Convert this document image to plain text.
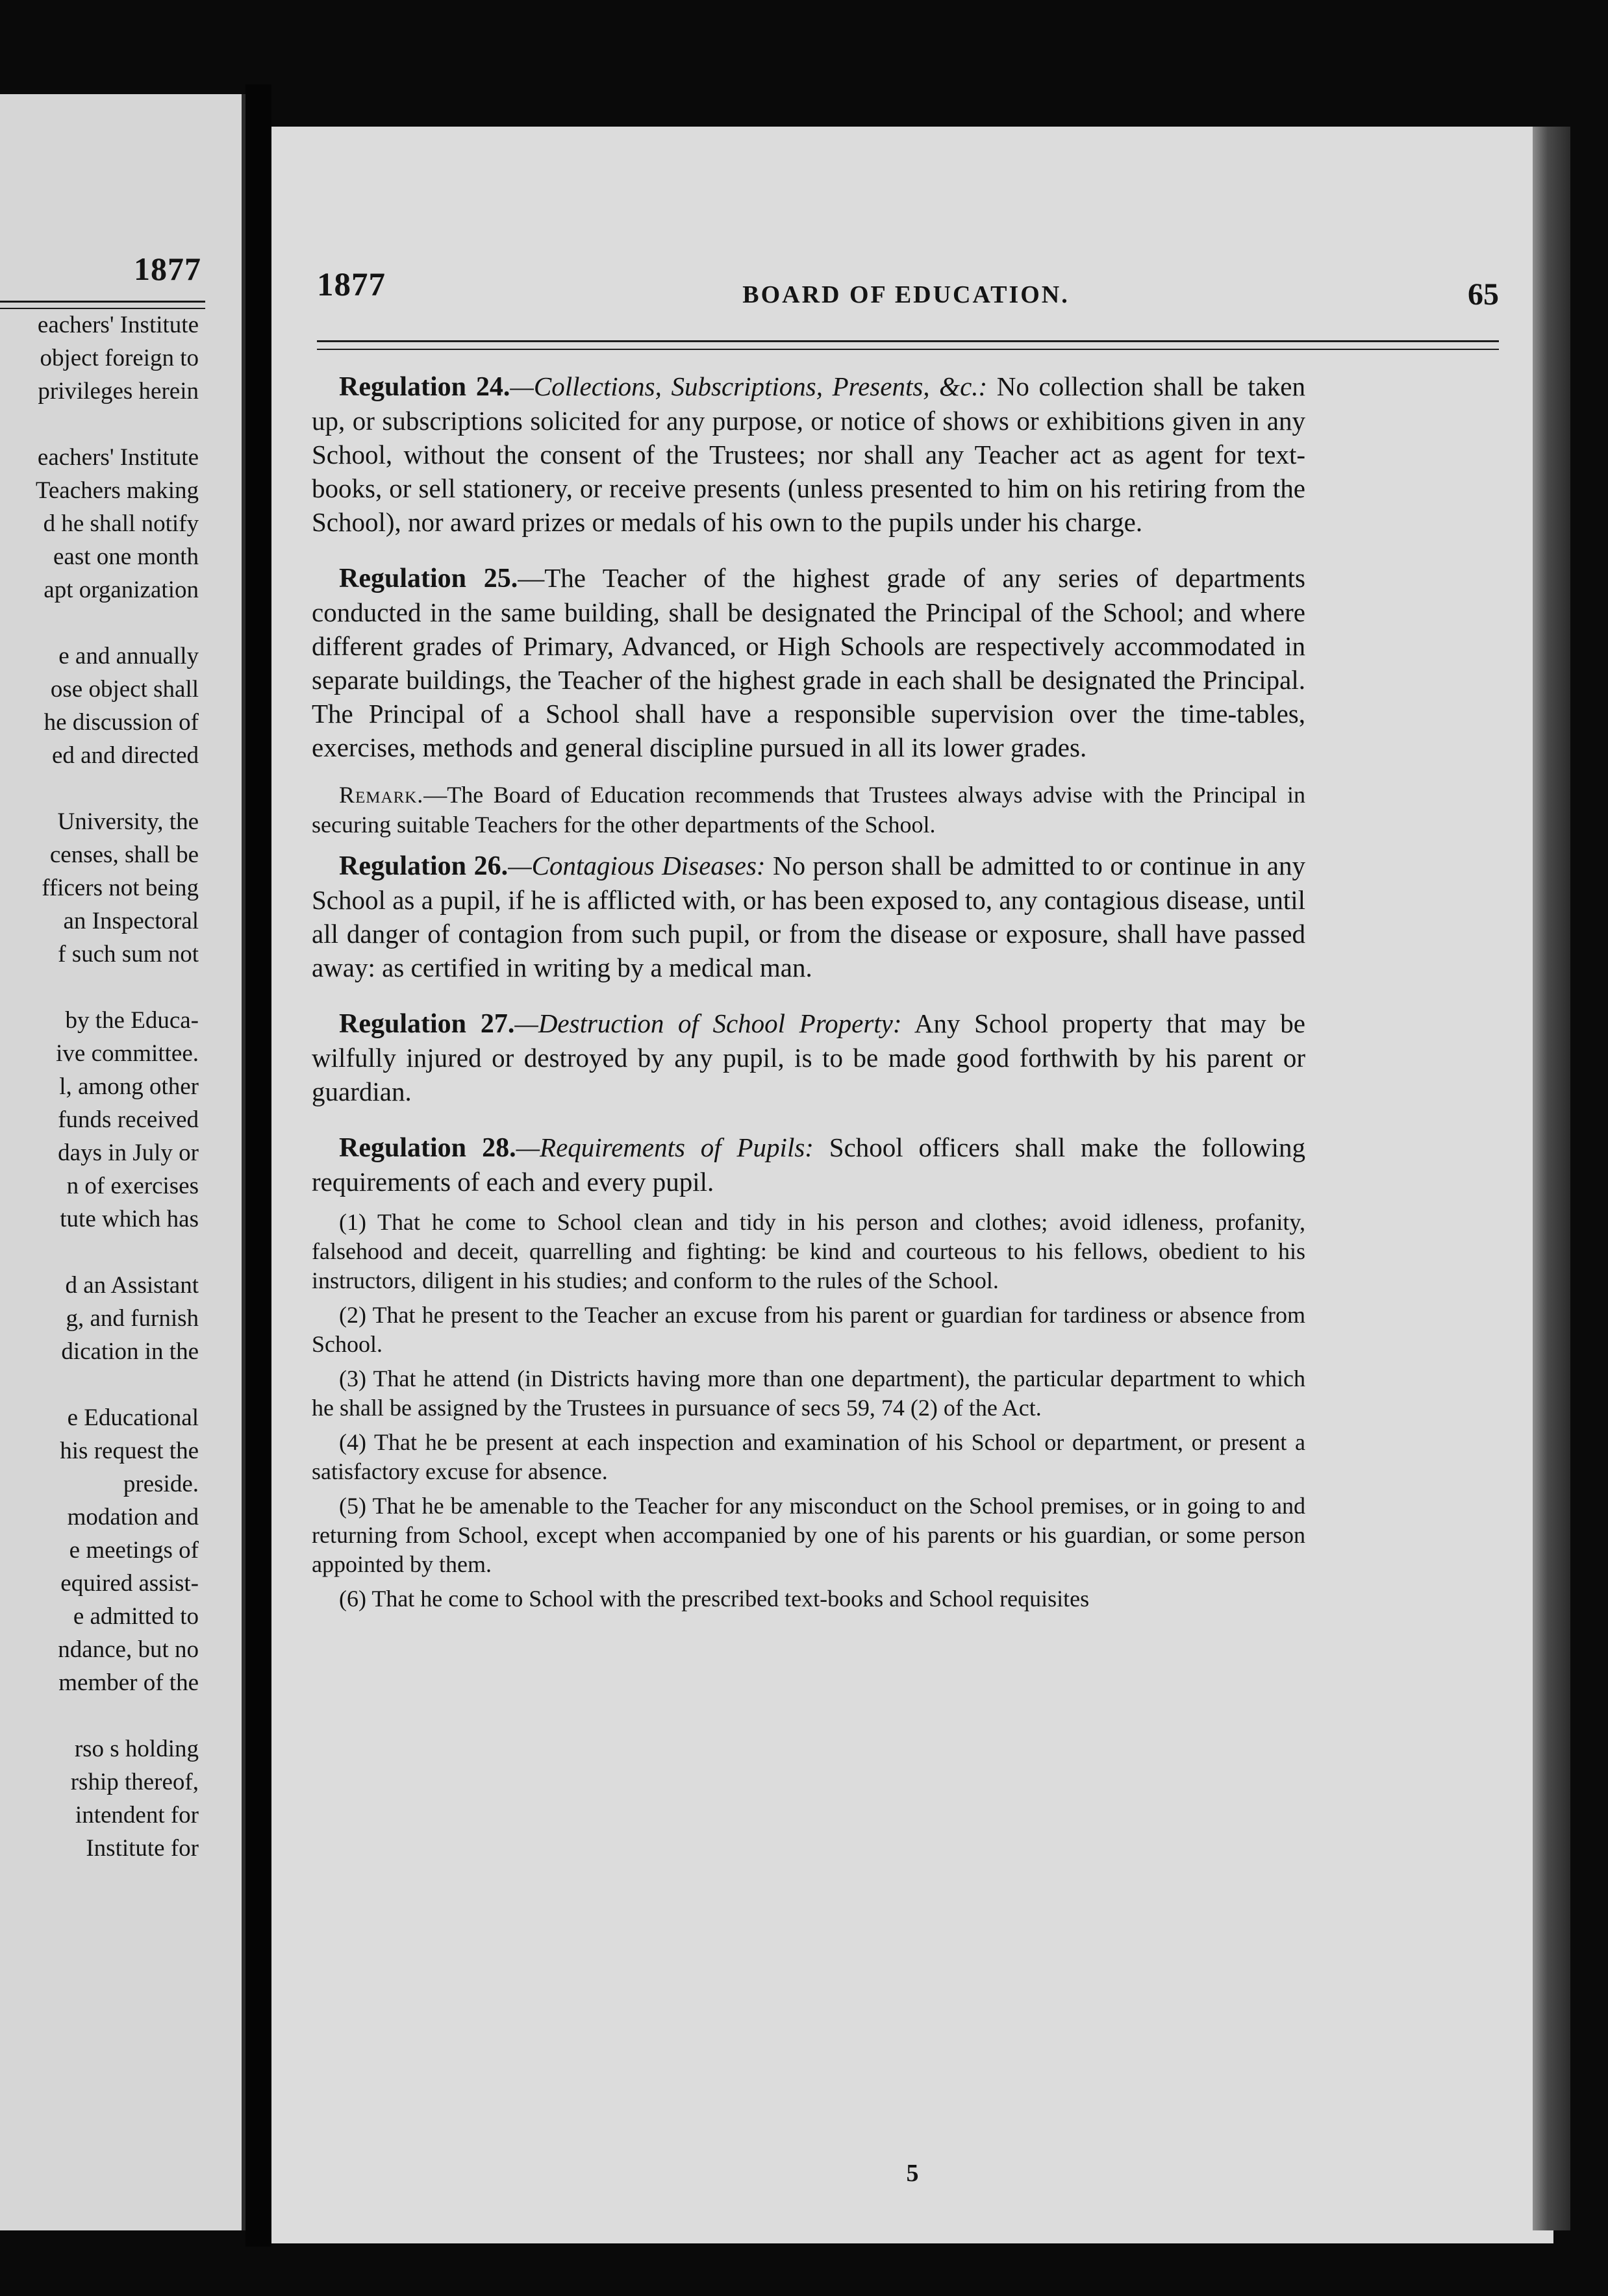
1877

eachers' Institute
object foreign to
privileges herein
eachers' Institute
Teachers making
d he shall notify
east one month
apt organization
e and annually
ose object shall
he discussion of
ed and directed
University, the
censes, shall be
fficers not being
an Inspectoral
f such sum not
by the Educa-
ive committee.
l, among other
funds received
days in July or
n of exercises
tute which has
d an Assistant
g, and furnish
dication in the
e Educational
his request the
preside.
modation and
e meetings of
equired assist-
e admitted to
ndance, but no
member of the
rso s holding
rship thereof,
intendent for
Institute for
1877	BOARD OF EDUCATION.	65

Regulation 24.—Collections, Subscriptions, Presents, &c.: No collection shall be taken up, or subscriptions solicited for any purpose, or notice of shows or exhibitions given in any School, without the consent of the Trustees; nor shall any Teacher act as agent for text-books, or sell stationery, or receive presents (unless presented to him on his retiring from the School), nor award prizes or medals of his own to the pupils under his charge.

Regulation 25.—The Teacher of the highest grade of any series of departments conducted in the same building, shall be designated the Principal of the School; and where different grades of Primary, Advanced, or High Schools are respectively accommodated in separate buildings, the Teacher of the highest grade in each shall be designated the Principal. The Principal of a School shall have a responsible supervision over the time-tables, exercises, methods and general discipline pursued in all its lower grades.

Remark.—The Board of Education recommends that Trustees always advise with the Principal in securing suitable Teachers for the other departments of the School.

Regulation 26.—Contagious Diseases: No person shall be admitted to or continue in any School as a pupil, if he is afflicted with, or has been exposed to, any contagious disease, until all danger of contagion from such pupil, or from the disease or exposure, shall have passed away: as certified in writing by a medical man.

Regulation 27.—Destruction of School Property: Any School property that may be wilfully injured or destroyed by any pupil, is to be made good forthwith by his parent or guardian.

Regulation 28.—Requirements of Pupils: School officers shall make the following requirements of each and every pupil.

(1) That he come to School clean and tidy in his person and clothes; avoid idleness, profanity, falsehood and deceit, quarrelling and fighting: be kind and courteous to his fellows, obedient to his instructors, diligent in his studies; and conform to the rules of the School.
(2) That he present to the Teacher an excuse from his parent or guardian for tardiness or absence from School.
(3) That he attend (in Districts having more than one department), the particular department to which he shall be assigned by the Trustees in pursuance of secs 59, 74 (2) of the Act.
(4) That he be present at each inspection and examination of his School or department, or present a satisfactory excuse for absence.
(5) That he be amenable to the Teacher for any misconduct on the School premises, or in going to and returning from School, except when accompanied by one of his parents or his guardian, or some person appointed by them.
(6) That he come to School with the prescribed text-books and School requisites
5
